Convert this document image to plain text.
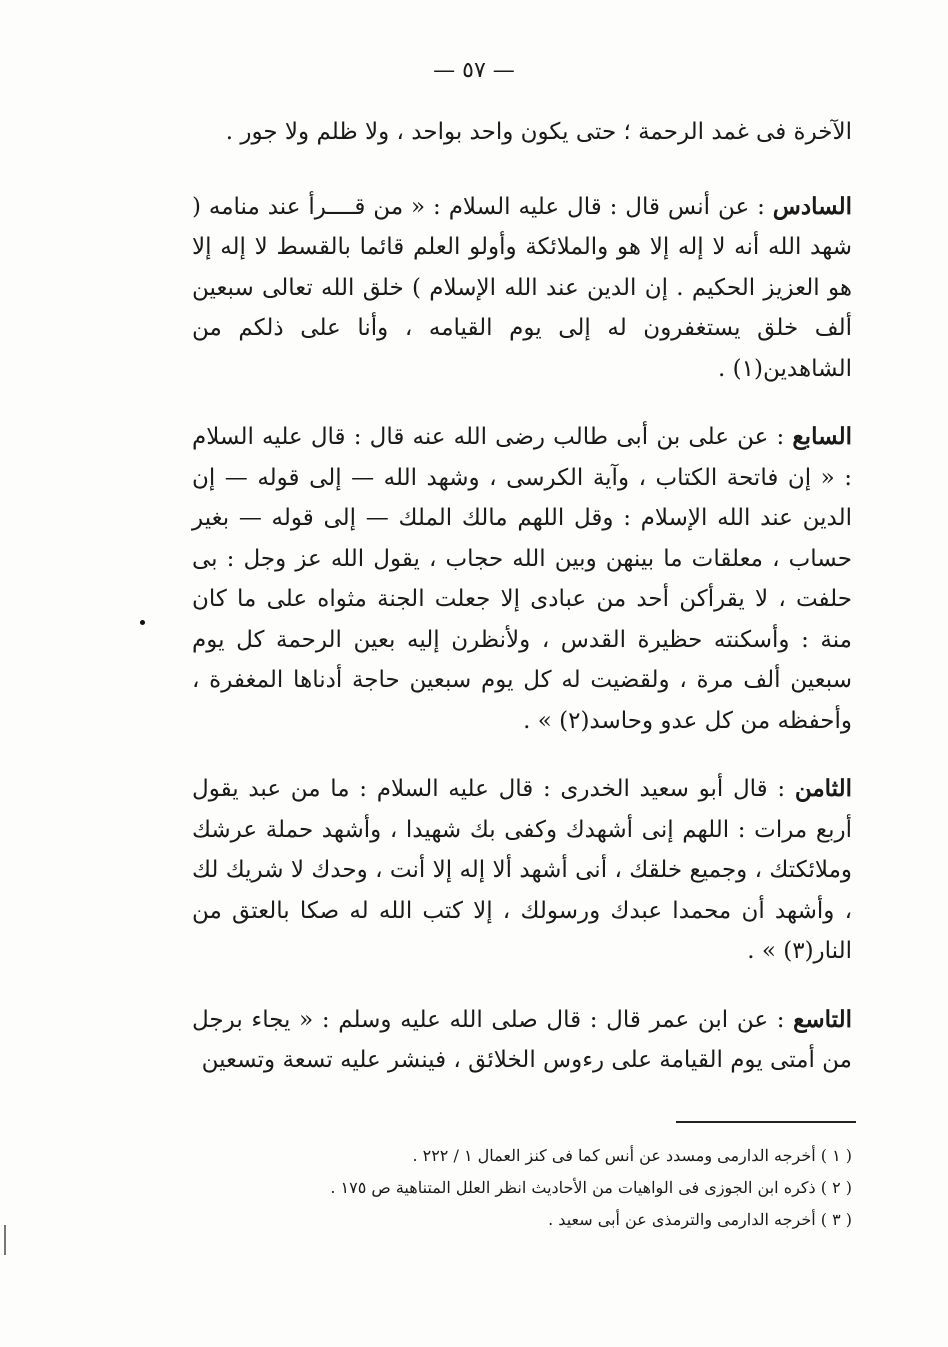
— ٥٧ —

الآخرة فى غمد الرحمة ؛ حتى يكون واحد بواحد ، ولا ظلم ولا جور .

السادس : عن أنس قال : قال عليه السلام : « من قــــرأ عند منامه ( شهد الله أنه لا إله إلا هو والملائكة وأولو العلم قائما بالقسط لا إله إلا هو العزيز الحكيم . إن الدين عند الله الإسلام ) خلق الله تعالى سبعين ألف خلق يستغفرون له إلى يوم القيامه ، وأنا على ذلكم من الشاهدين(١) .

السابع : عن على بن أبى طالب رضى الله عنه قال : قال عليه السلام : « إن فاتحة الكتاب ، وآية الكرسى ، وشهد الله — إلى قوله — إن الدين عند الله الإسلام : وقل اللهم مالك الملك — إلى قوله — بغير حساب ، معلقات ما بينهن وبين الله حجاب ، يقول الله عز وجل : بى حلفت ، لا يقرأكن أحد من عبادى إلا جعلت الجنة مثواه على ما كان منة : وأسكنته حظيرة القدس ، ولأنظرن إليه بعين الرحمة كل يوم سبعين ألف مرة ، ولقضيت له كل يوم سبعين حاجة أدناها المغفرة ، وأحفظه من كل عدو وحاسد(٢) » .

الثامن : قال أبو سعيد الخدرى : قال عليه السلام : ما من عبد يقول أربع مرات : اللهم إنى أشهدك وكفى بك شهيدا ، وأشهد حملة عرشك وملائكتك ، وجميع خلقك ، أنى أشهد ألا إله إلا أنت ، وحدك لا شريك لك ، وأشهد أن محمدا عبدك ورسولك ، إلا كتب الله له صكا بالعتق من النار(٣) » .

التاسع : عن ابن عمر قال : قال صلى الله عليه وسلم : « يجاء برجل من أمتى يوم القيامة على رءوس الخلائق ، فينشر عليه تسعة وتسعين

( ١ ) أخرجه الدارمى ومسدد عن أنس كما فى كنز العمال ١ / ٢٢٢ .
( ٢ ) ذكره ابن الجوزى فى الواهيات من الأحاديث انظر العلل المتناهية ص ١٧٥ .
( ٣ ) أخرجه الدارمى والترمذى عن أبى سعيد .
